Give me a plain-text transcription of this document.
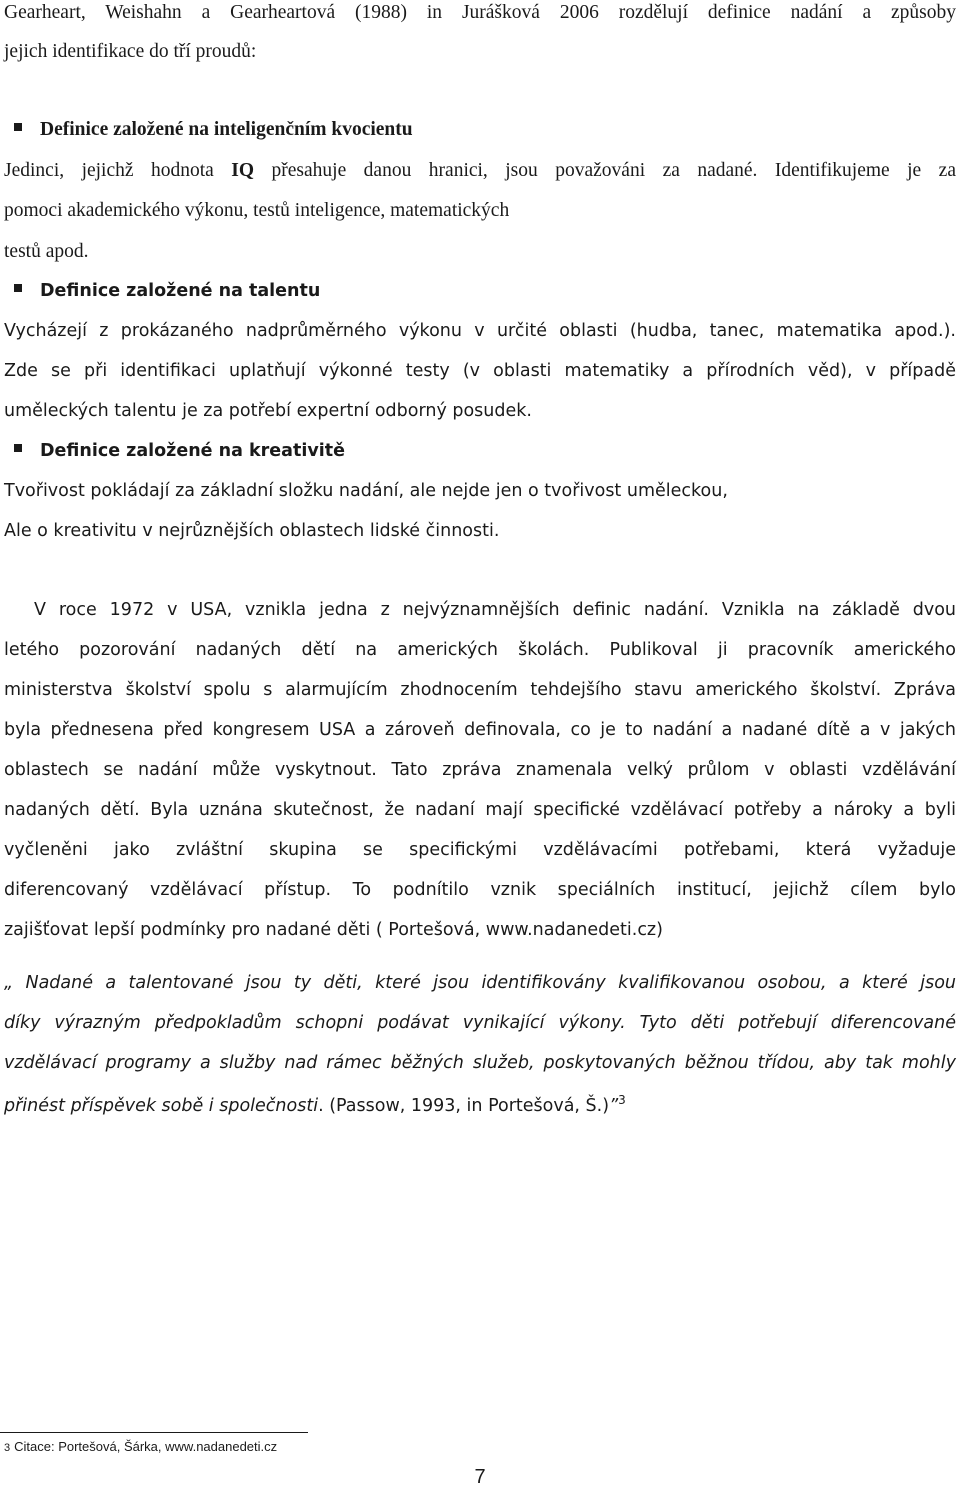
Gearheart, Weishahn a Gearheartová (1988) in Jurášková 2006 rozdělují definice nadání a způsoby
jejich identifikace do tří proudů:
Definice založené na inteligenčním kvocientu
Jedinci, jejichž hodnota IQ přesahuje danou hranici, jsou považováni za nadané. Identifikujeme je za
pomoci akademického výkonu, testů inteligence, matematických
testů apod.
Definice založené na talentu
Vycházejí z prokázaného nadprůměrného výkonu v určité oblasti (hudba, tanec, matematika apod.).
Zde se při identifikaci uplatňují výkonné testy (v oblasti matematiky a přírodních věd), v případě
uměleckých talentu je za potřebí expertní odborný posudek.
Definice založené na kreativitě
Tvořivost pokládají za základní složku nadání, ale nejde jen o tvořivost uměleckou,
Ale o kreativitu v nejrůznějších oblastech lidské činnosti.
V roce 1972 v USA, vznikla jedna z nejvýznamnějších definic nadání. Vznikla na základě dvou
letého pozorování nadaných dětí na amerických školách. Publikoval ji pracovník amerického
ministerstva školství spolu s alarmujícím zhodnocením tehdejšího stavu amerického školství. Zpráva
byla přednesena před kongresem USA a zároveň definovala, co je to nadání a nadané dítě a v jakých
oblastech se nadání může vyskytnout. Tato zpráva znamenala velký průlom v oblasti vzdělávání
nadaných dětí. Byla uznána skutečnost, že nadaní mají specifické vzdělávací potřeby a nároky a byli
vyčleněni jako zvláštní skupina se specifickými vzdělávacími potřebami, která vyžaduje
diferencovaný vzdělávací přístup. To podnítilo vznik speciálních institucí, jejichž cílem bylo
zajišťovat lepší podmínky pro nadané děti ( Portešová, www.nadanedeti.cz)
„ Nadané a talentované jsou ty děti, které jsou identifikovány kvalifikovanou osobou, a které jsou
díky výrazným předpokladům schopni podávat vynikající výkony. Tyto děti potřebují diferencované
vzdělávací programy a služby nad rámec běžných služeb, poskytovaných běžnou třídou, aby tak mohly
přinést příspěvek sobě i společnosti. (Passow, 1993, in Portešová, Š.)”$^3$
3 Citace: Portešová, Šárka, www.nadanedeti.cz
7
